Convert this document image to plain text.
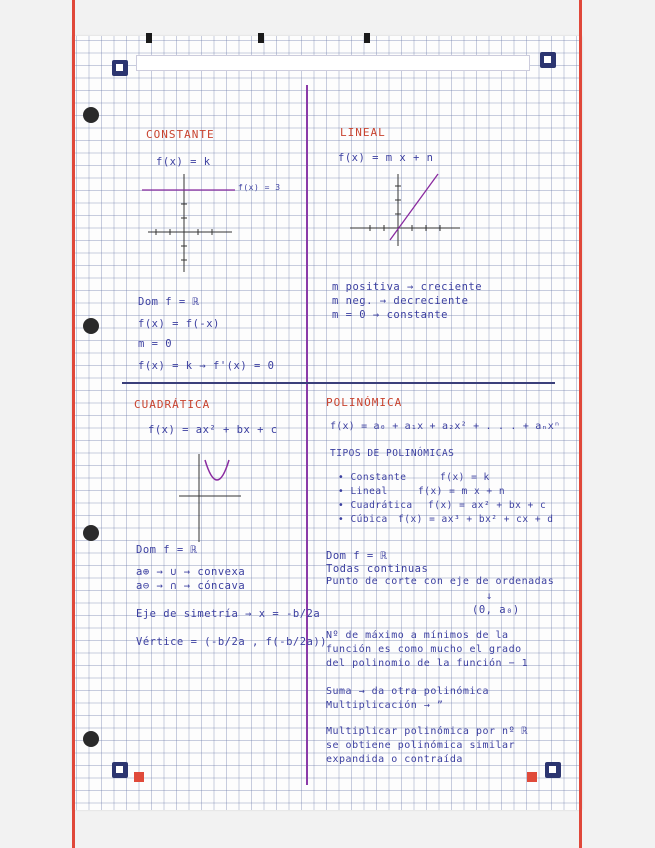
CONSTANTE
f(x) = k
f(x) = 3
Dom f = ℝ
f(x) = f(-x)
m = 0
f(x) = k → f'(x) = 0
LINEAL
f(x) = m x + n
m positiva → creciente
m neg. → decreciente
m = 0 → constante
CUADRÁTICA
f(x) = ax² + bx + c
Dom f = ℝ
a⊕ → ∪ → convexa
a⊖ → ∩ → cóncava
Eje de simetría → x = -b/2a
Vértice = (-b/2a , f(-b/2a))
POLINÓMICA
f(x) = a₀ + a₁x + a₂x² + . . . + aₙxⁿ
TIPOS DE POLINÓMICAS
• Constante	f(x) = k
• Lineal	f(x) = m x + n
• Cuadrática f(x) = ax² + bx + c
• Cúbica f(x) = ax³ + bx² + cx + d
Dom f = ℝ
Todas continuas
Punto de corte con eje de ordenadas
↓
(0, a₀)
Nº de máximo a mínimos de la
función es como mucho el grado
del polinomio de la función − 1
Suma → da otra polinómica
Multiplicación → ”
Multiplicar polinómica por nº ℝ
se obtiene polinómica similar
expandida o contraída
